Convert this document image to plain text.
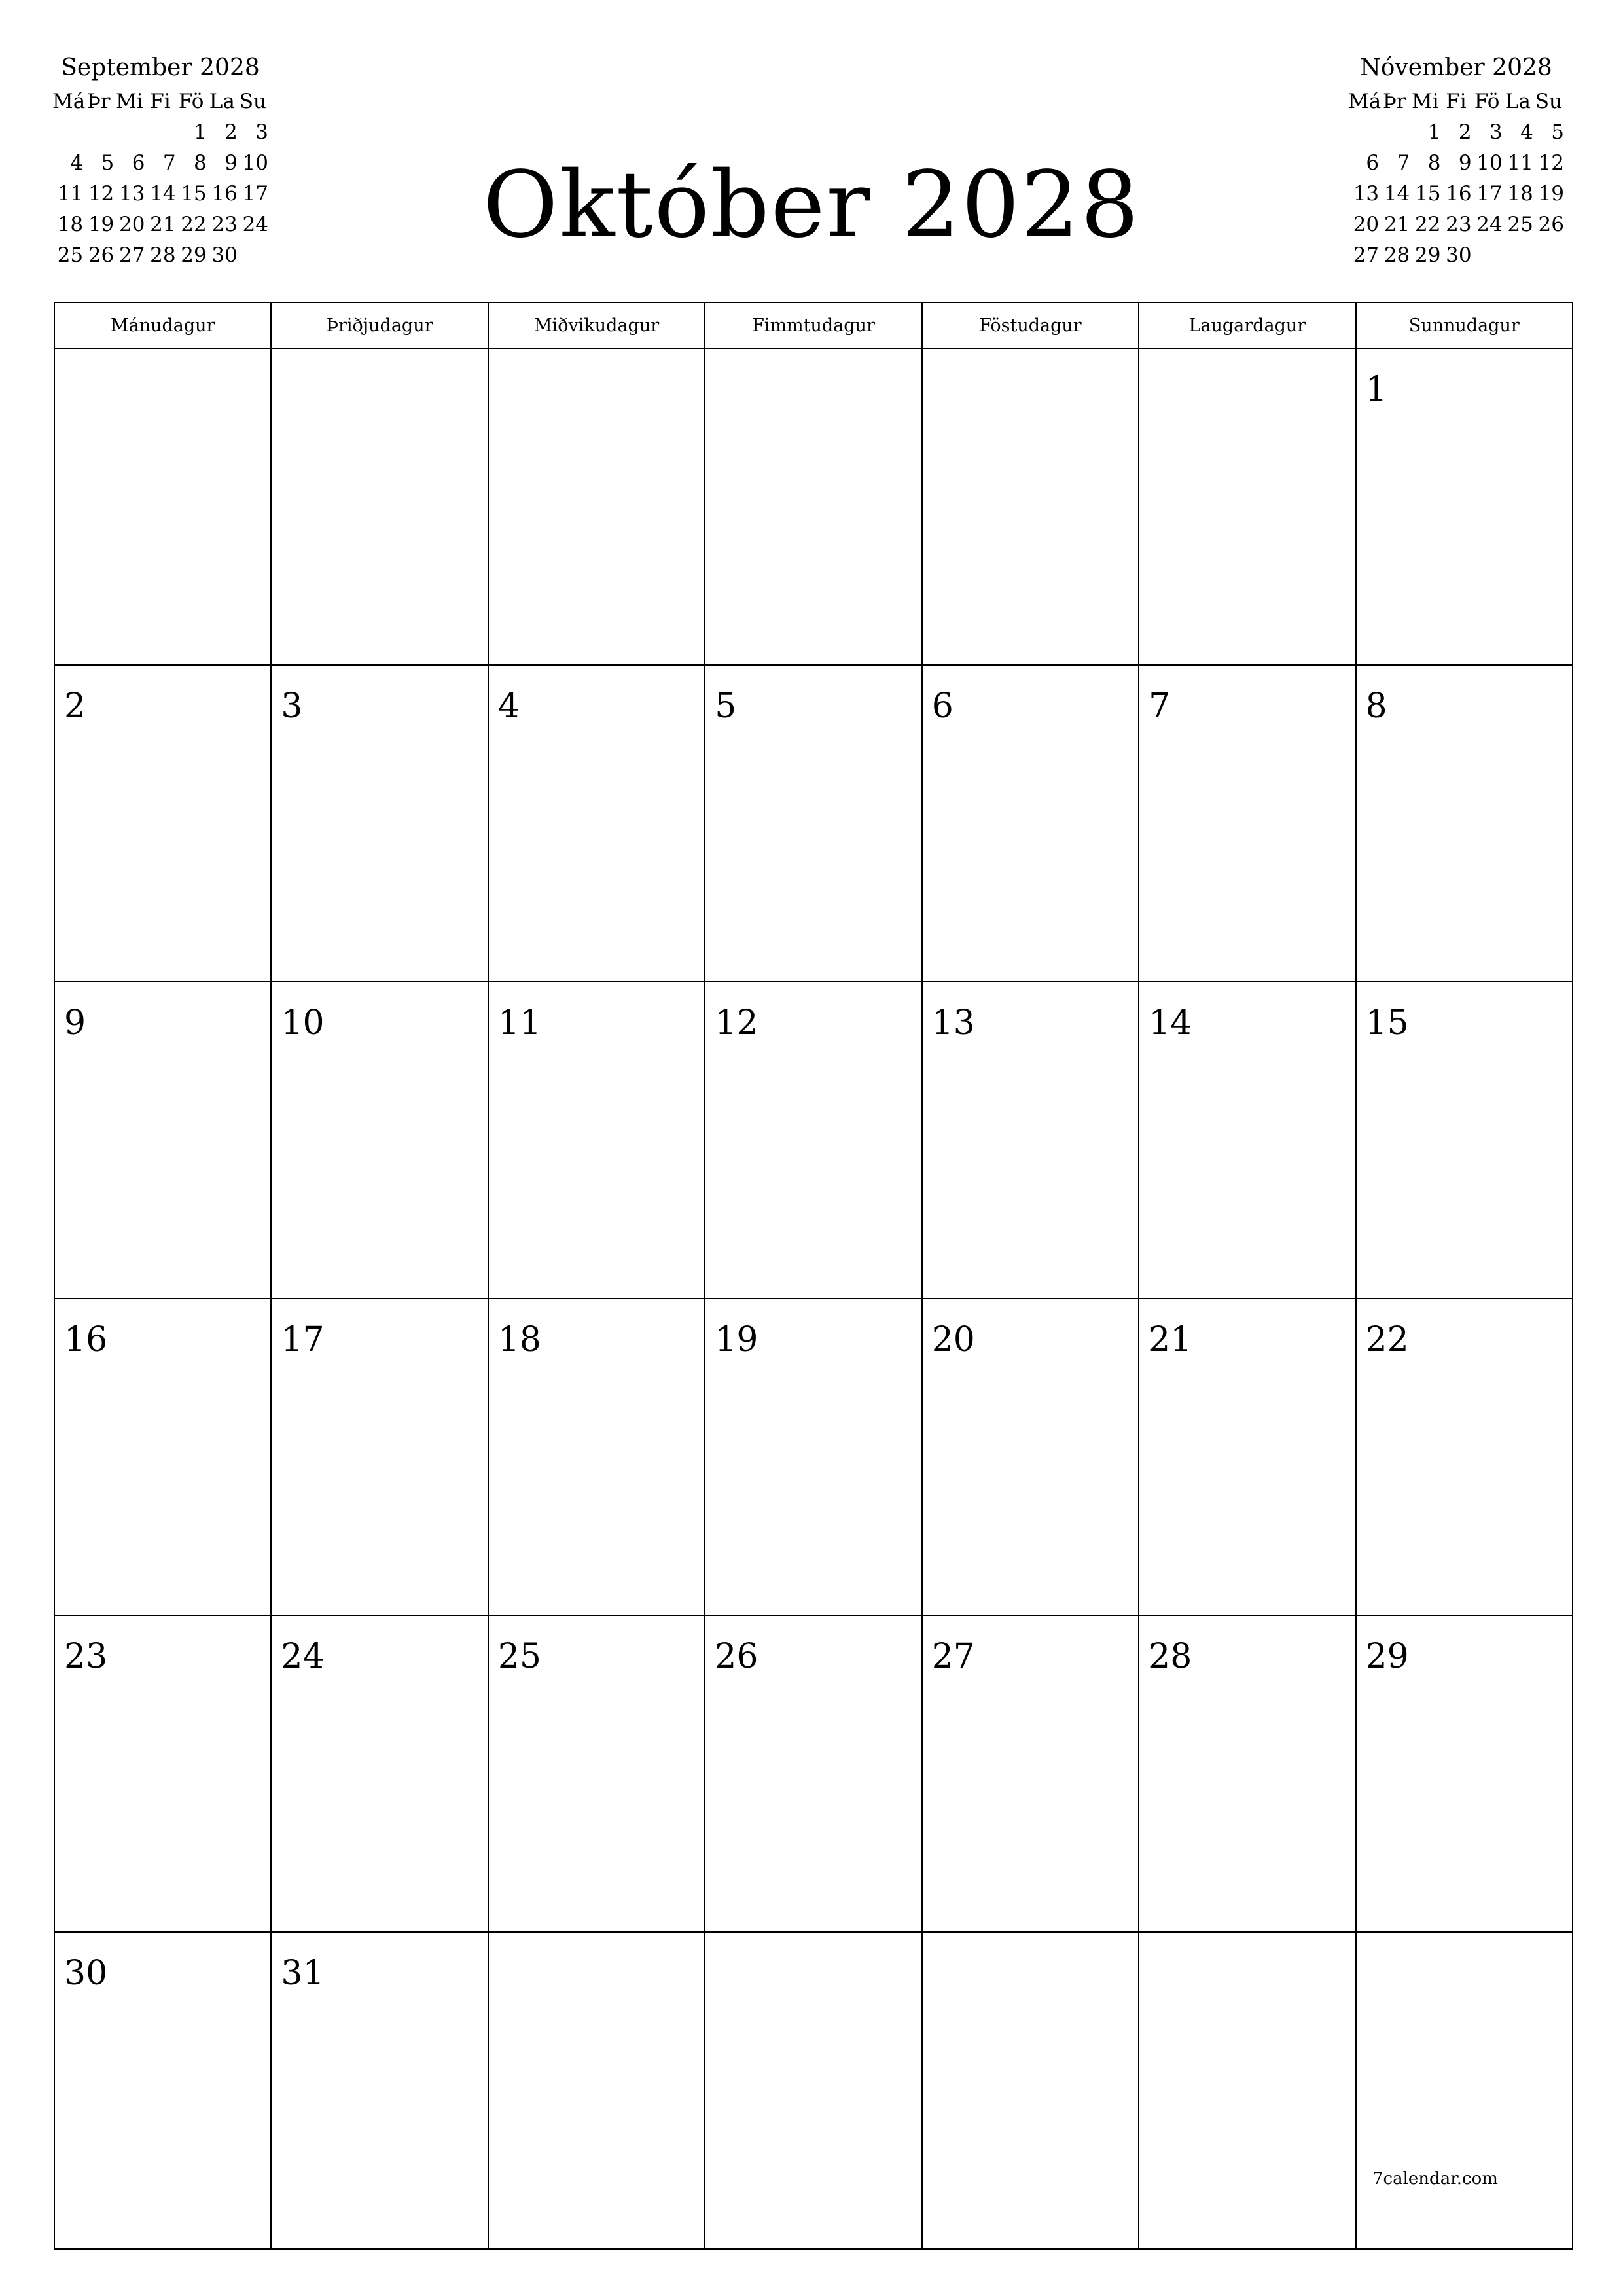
September 2028
Má	Þr	Mi	Fi	Fö	La	Su
				1	2	3
4	5	6	7	8	9	10
11	12	13	14	15	16	17
18	19	20	21	22	23	24
25	26	27	28	29	30		Október 2028
Nóvember 2028
Má	Þr	Mi	Fi	Fö	La	Su
		1	2	3	4	5
6	7	8	9	10	11	12
13	14	15	16	17	18	19
20	21	22	23	24	25	26
27	28	29	30			
Mánudagur	Þriðjudagur	Miðvikudagur	Fimmtudagur	Föstudagur	Laugardagur	Sunnudagur

						1

2	3	4	5	6	7	8

9	10	11	12	13	14	15

16	17	18	19	20	21	22

23	24	25	26	27	28	29

30	31					

7calendar.com
